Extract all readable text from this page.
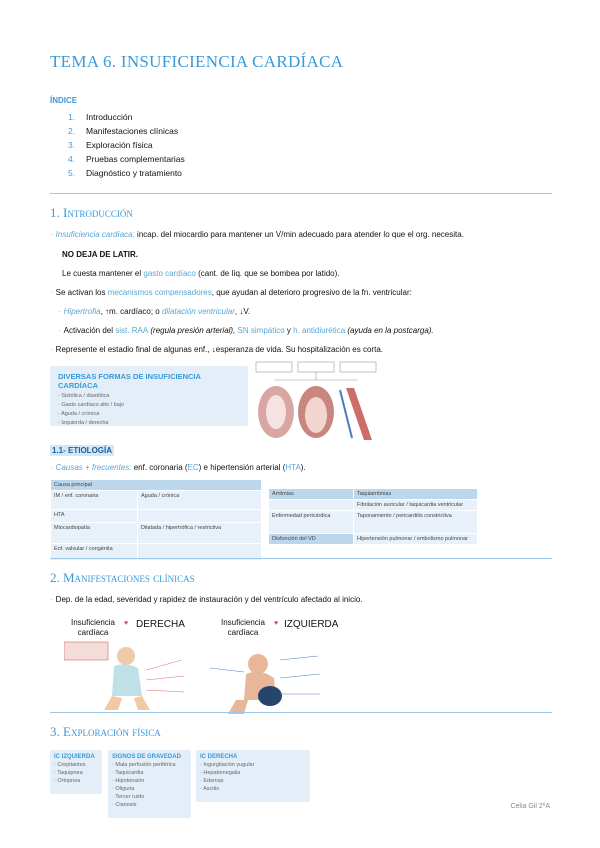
TEMA 6. INSUFICIENCIA CARDÍACA
ÍNDICE
1. Introducción
2. Manifestaciones clínicas
3. Exploración física
4. Pruebas complementarias
5. Diagnóstico y tratamiento
1. Introducción
· Insuficiencia cardíaca: incap. del miocardio para mantener un V/min adecuado para atender lo que el org. necesita.
NO DEJA DE LATIR.
Le cuesta mantener el gasto cardíaco (cant. de líq. que se bombea por latido).
· Se activan los mecanismos compensadores, que ayudan al deterioro progresivo de la fn. ventricular:
· Hipertrofia, ↑m. cardíaco; o dilatación ventricular, ↓V.
· Activación del sist. RAA (regula presión arterial), SN simpático y h. antidiurética (ayuda en la postcarga).
· Represente el estadio final de algunas enf., ↓esperanza de vida. Su hospitalización es corta.
DIVERSAS FORMAS DE INSUFICIENCIA CARDÍACA
· Sistólica / diastólica
· Gasto cardíaco alto / bajo
· Aguda / crónica
· Izquierda / derecha
1.1- ETIOLOGÍA
· Causas + frecuentes: enf. coronaria (EC) e hipertensión arterial (HTA).
Causa principal	
IM / enf. coronaria	Aguda / crónica
HTA	
Miocardiopatía	Dilatada / hipertrófica / restrictiva
Enf. valvular / congénita	
Arritmias	Taquiarritmias
	Fibrilación auricular / taquicardia ventricular
Enfermedad pericárdica	Taponamiento / pericarditis constrictiva
Disfunción del VD	Hipertensión pulmonar / embolismo pulmonar
2. Manifestaciones clínicas
· Dep. de la edad, severidad y rapidez de instauración y del ventrículo afectado al inicio.
Insuficiencia cardíaca
♥ DERECHA	Insuficiencia cardíaca
♥ IZQUIERDA
3. Exploración física
IC IZQUIERDA
· Crepitantes
· Taquipnea
· Ortopnea
SIGNOS DE GRAVEDAD
· Mala perfusión periférica
· Taquicardia
· Hipotensión
· Oliguria
· Tercer ruido
· Cianosis
IC DERECHA
· Ingurgitación yugular
· Hepatomegalia
· Edemas
· Ascitis
Celia Gil 2ºA
